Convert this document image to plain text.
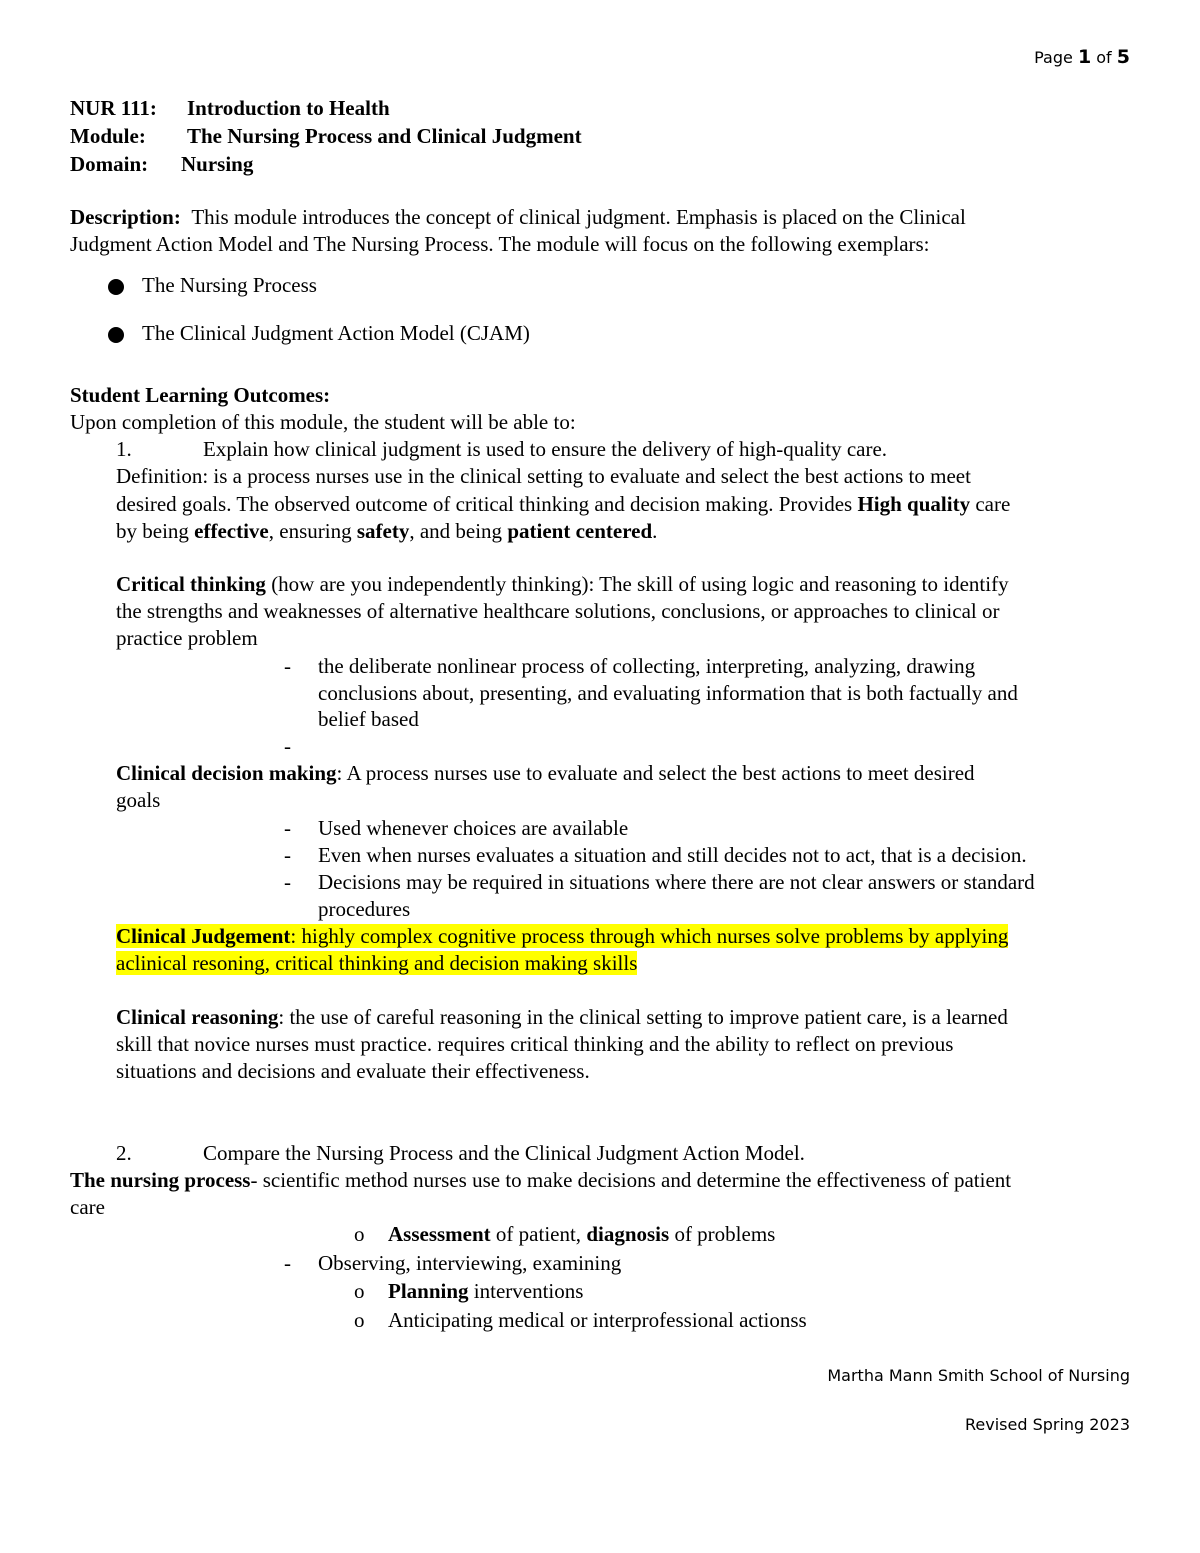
Page 1 of 5
NUR 111: Introduction to Health
Module: The Nursing Process and Clinical Judgment
Domain: Nursing
Description: This module introduces the concept of clinical judgment. Emphasis is placed on the Clinical
Judgment Action Model and The Nursing Process. The module will focus on the following exemplars:
The Nursing Process
The Clinical Judgment Action Model (CJAM)
Student Learning Outcomes:
Upon completion of this module, the student will be able to:
1.	Explain how clinical judgment is used to ensure the delivery of high-quality care.
Definition: is a process nurses use in the clinical setting to evaluate and select the best actions to meet
desired goals. The observed outcome of critical thinking and decision making. Provides High quality care
by being effective, ensuring safety, and being patient centered.
Critical thinking (how are you independently thinking): The skill of using logic and reasoning to identify
the strengths and weaknesses of alternative healthcare solutions, conclusions, or approaches to clinical or
practice problem
- the deliberate nonlinear process of collecting, interpreting, analyzing, drawing
conclusions about, presenting, and evaluating information that is both factually and
belief based
-
Clinical decision making: A process nurses use to evaluate and select the best actions to meet desired
goals
- Used whenever choices are available
- Even when nurses evaluates a situation and still decides not to act, that is a decision.
- Decisions may be required in situations where there are not clear answers or standard
procedures
Clinical Judgement: highly complex cognitive process through which nurses solve problems by applying
aclinical resoning, critical thinking and decision making skills
Clinical reasoning: the use of careful reasoning in the clinical setting to improve patient care, is a learned
skill that novice nurses must practice. requires critical thinking and the ability to reflect on previous
situations and decisions and evaluate their effectiveness.
2.	Compare the Nursing Process and the Clinical Judgment Action Model.
The nursing process- scientific method nurses use to make decisions and determine the effectiveness of patient
care
o Assessment of patient, diagnosis of problems
- Observing, interviewing, examining
o Planning interventions
o Anticipating medical or interprofessional actionss
Martha Mann Smith School of Nursing
Revised Spring 2023
